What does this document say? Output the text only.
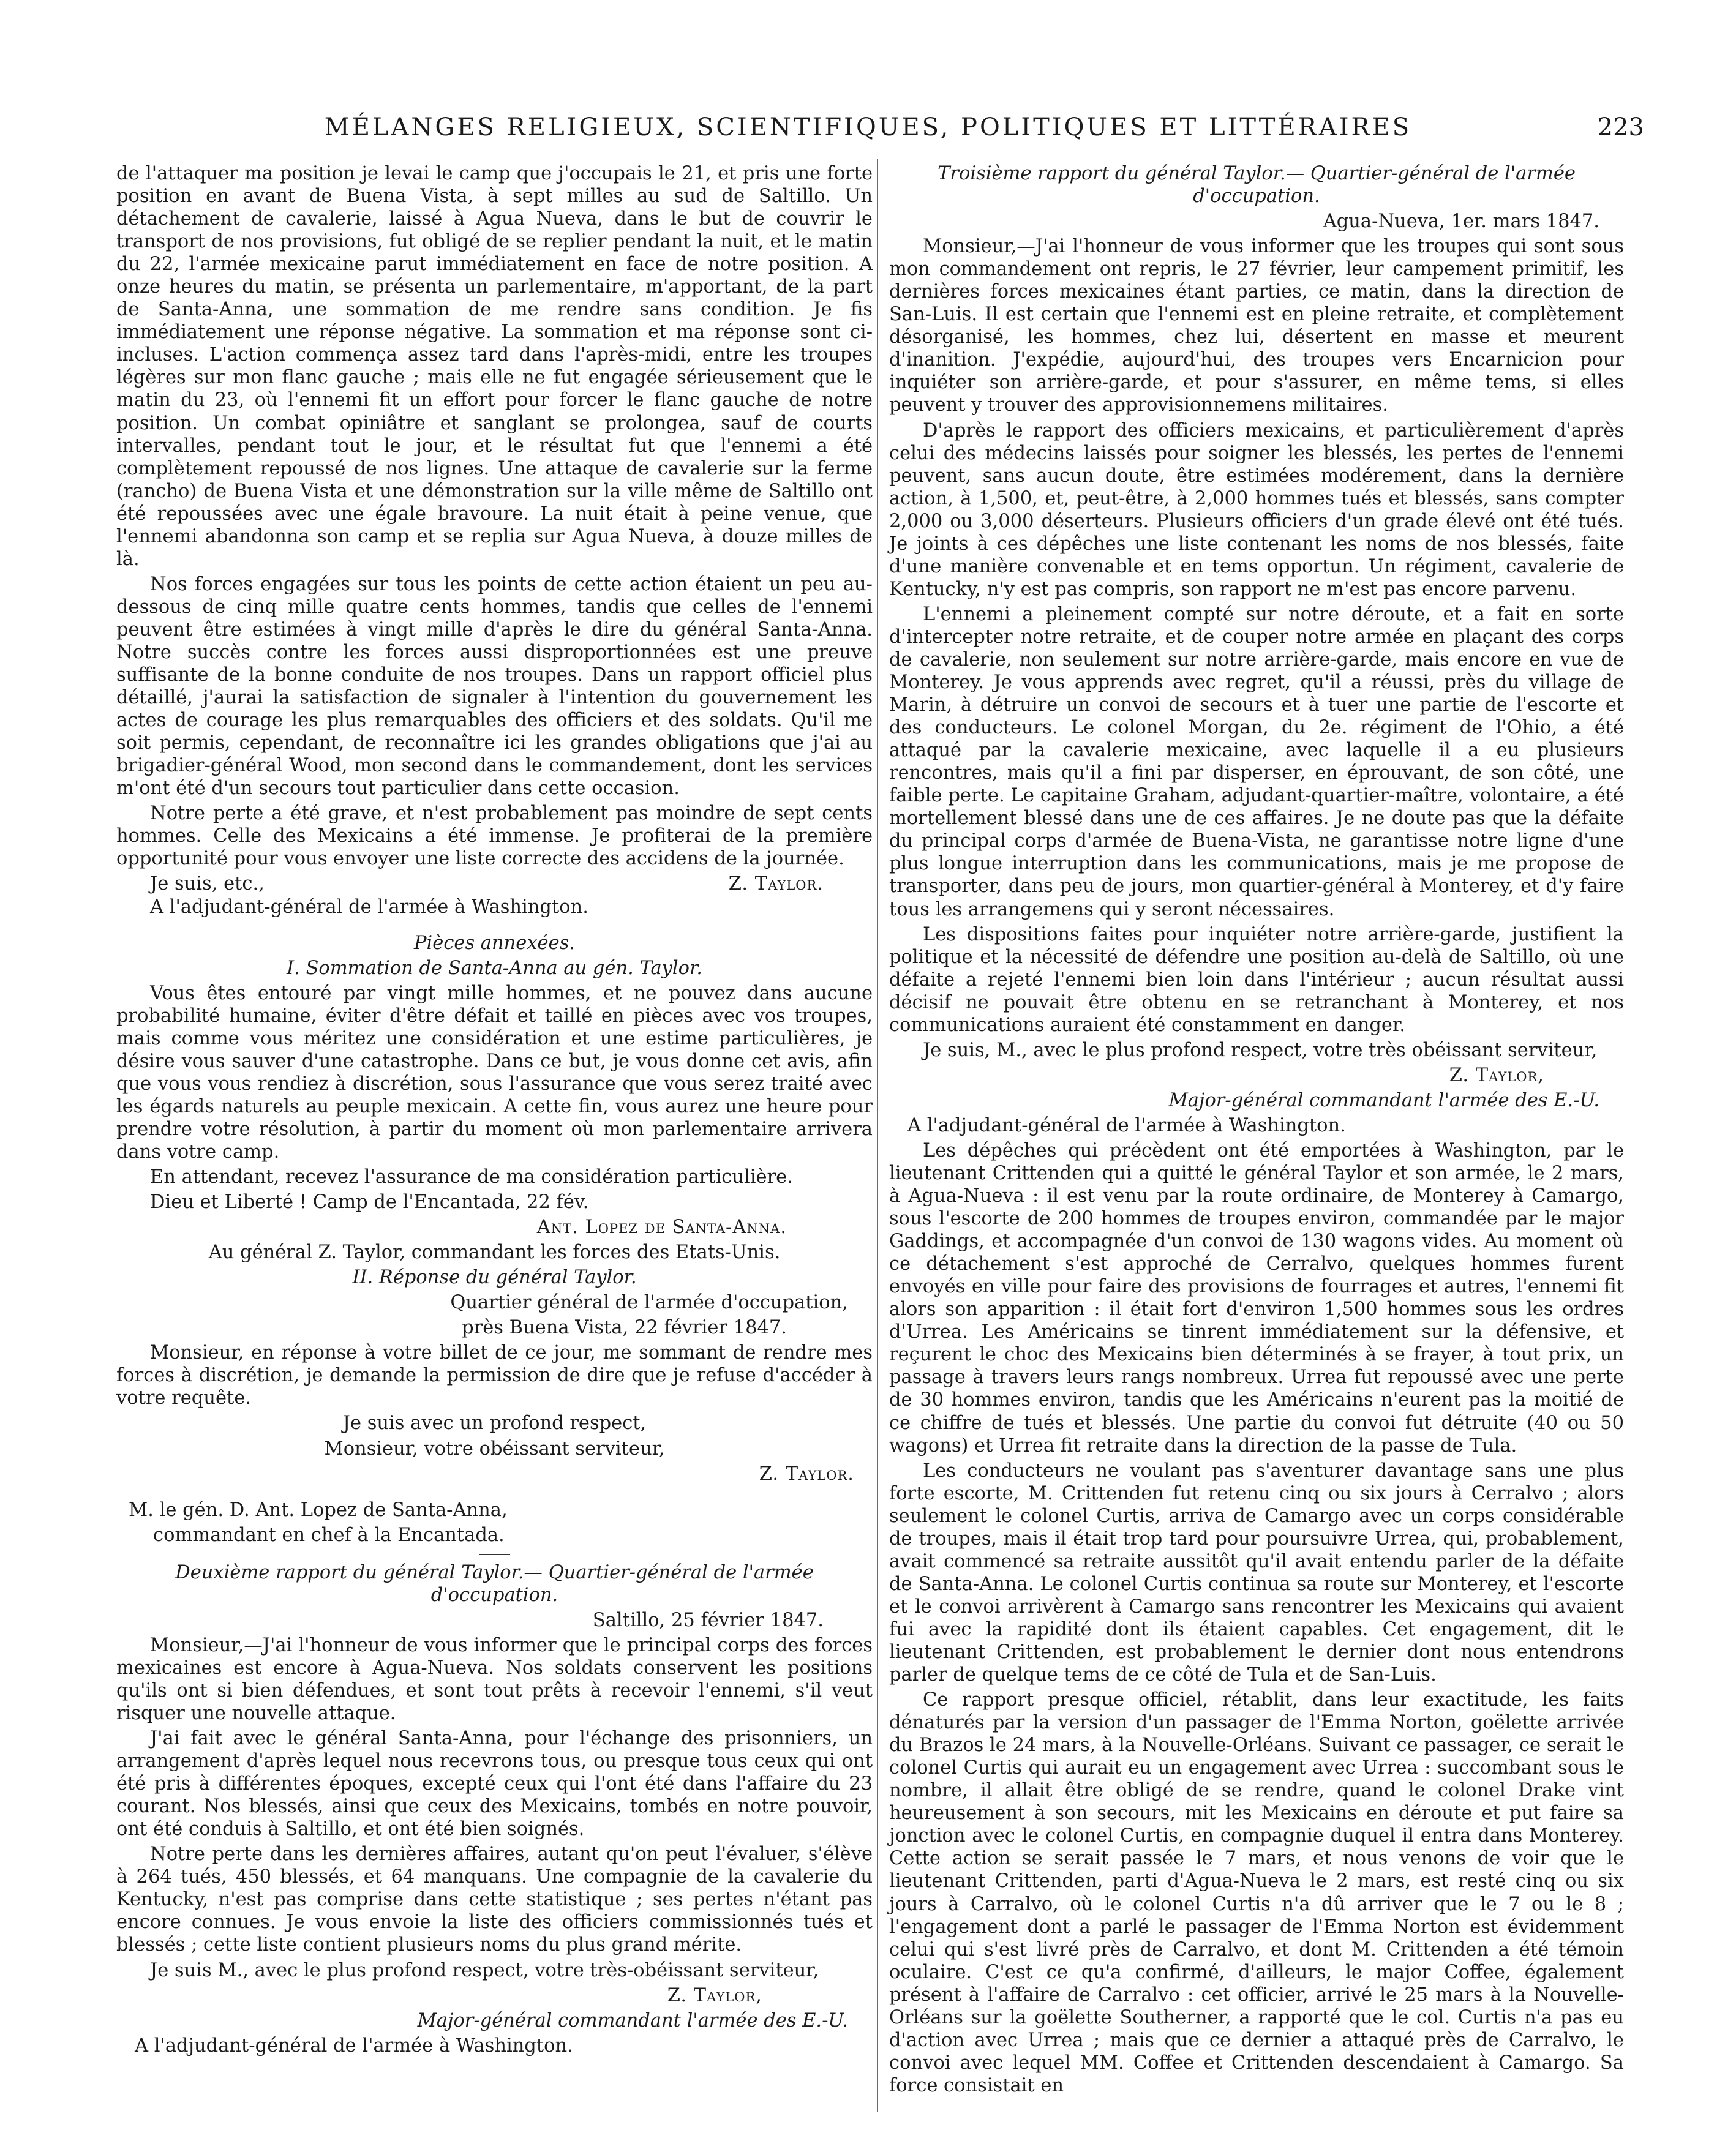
MÉLANGES RELIGIEUX, SCIENTIFIQUES, POLITIQUES ET LITTÉRAIRES	223

de l'attaquer ma position je levai le camp que j'occupais le 21, et pris une forte position en avant de Buena Vista, à sept milles au sud de Saltillo. Un détachement de cavalerie, laissé à Agua Nueva, dans le but de couvrir le transport de nos provisions, fut obligé de se replier pendant la nuit, et le matin du 22, l'armée mexicaine parut immédiatement en face de notre position. A onze heures du matin, se présenta un parlementaire, m'apportant, de la part de Santa-Anna, une sommation de me rendre sans condition. Je fis immédiatement une réponse négative. La sommation et ma réponse sont ci-incluses. L'action commença assez tard dans l'après-midi, entre les troupes légères sur mon flanc gauche ; mais elle ne fut engagée sérieusement que le matin du 23, où l'ennemi fit un effort pour forcer le flanc gauche de notre position. Un combat opiniâtre et sanglant se prolongea, sauf de courts intervalles, pendant tout le jour, et le résultat fut que l'ennemi a été complètement repoussé de nos lignes. Une attaque de cavalerie sur la ferme (rancho) de Buena Vista et une démonstration sur la ville même de Saltillo ont été repoussées avec une égale bravoure. La nuit était à peine venue, que l'ennemi abandonna son camp et se replia sur Agua Nueva, à douze milles de là.

Nos forces engagées sur tous les points de cette action étaient un peu au-dessous de cinq mille quatre cents hommes, tandis que celles de l'ennemi peuvent être estimées à vingt mille d'après le dire du général Santa-Anna. Notre succès contre les forces aussi disproportionnées est une preuve suffisante de la bonne conduite de nos troupes. Dans un rapport officiel plus détaillé, j'aurai la satisfaction de signaler à l'intention du gouvernement les actes de courage les plus remarquables des officiers et des soldats. Qu'il me soit permis, cependant, de reconnaître ici les grandes obligations que j'ai au brigadier-général Wood, mon second dans le commandement, dont les services m'ont été d'un secours tout particulier dans cette occasion.

Notre perte a été grave, et n'est probablement pas moindre de sept cents hommes. Celle des Mexicains a été immense. Je profiterai de la première opportunité pour vous envoyer une liste correcte des accidens de la journée.

Je suis, etc.,	Z. Taylor.

A l'adjudant-général de l'armée à Washington.

Pièces annexées.

I. Sommation de Santa-Anna au gén. Taylor.

Vous êtes entouré par vingt mille hommes, et ne pouvez dans aucune probabilité humaine, éviter d'être défait et taillé en pièces avec vos troupes, mais comme vous méritez une considération et une estime particulières, je désire vous sauver d'une catastrophe. Dans ce but, je vous donne cet avis, afin que vous vous rendiez à discrétion, sous l'assurance que vous serez traité avec les égards naturels au peuple mexicain. A cette fin, vous aurez une heure pour prendre votre résolution, à partir du moment où mon parlementaire arrivera dans votre camp.

En attendant, recevez l'assurance de ma considération particulière.

Dieu et Liberté ! Camp de l'Encantada, 22 fév.

Ant. Lopez de Santa-Anna.

Au général Z. Taylor, commandant les forces des Etats-Unis.

II. Réponse du général Taylor.

Quartier général de l'armée d'occupation,

près Buena Vista, 22 février 1847.

Monsieur, en réponse à votre billet de ce jour, me sommant de rendre mes forces à discrétion, je demande la permission de dire que je refuse d'accéder à votre requête.

Je suis avec un profond respect,

Monsieur, votre obéissant serviteur,

Z. Taylor.

M. le gén. D. Ant. Lopez de Santa-Anna,

commandant en chef à la Encantada.

Deuxième rapport du général Taylor.— Quartier-général de l'armée d'occupation.

Saltillo, 25 février 1847.

Monsieur,—J'ai l'honneur de vous informer que le principal corps des forces mexicaines est encore à Agua-Nueva. Nos soldats conservent les positions qu'ils ont si bien défendues, et sont tout prêts à recevoir l'ennemi, s'il veut risquer une nouvelle attaque.

J'ai fait avec le général Santa-Anna, pour l'échange des prisonniers, un arrangement d'après lequel nous recevrons tous, ou presque tous ceux qui ont été pris à différentes époques, excepté ceux qui l'ont été dans l'affaire du 23 courant. Nos blessés, ainsi que ceux des Mexicains, tombés en notre pouvoir, ont été conduis à Saltillo, et ont été bien soignés.

Notre perte dans les dernières affaires, autant qu'on peut l'évaluer, s'élève à 264 tués, 450 blessés, et 64 manquans. Une compagnie de la cavalerie du Kentucky, n'est pas comprise dans cette statistique ; ses pertes n'étant pas encore connues. Je vous envoie la liste des officiers commissionnés tués et blessés ; cette liste contient plusieurs noms du plus grand mérite.

Je suis M., avec le plus profond respect, votre très-obéissant serviteur,

Z. Taylor,

Major-général commandant l'armée des E.-U.

A l'adjudant-général de l'armée à Washington.

Troisième rapport du général Taylor.— Quartier-général de l'armée d'occupation.

Agua-Nueva, 1er. mars 1847.

Monsieur,—J'ai l'honneur de vous informer que les troupes qui sont sous mon commandement ont repris, le 27 février, leur campement primitif, les dernières forces mexicaines étant parties, ce matin, dans la direction de San-Luis. Il est certain que l'ennemi est en pleine retraite, et complètement désorganisé, les hommes, chez lui, désertent en masse et meurent d'inanition. J'expédie, aujourd'hui, des troupes vers Encarnicion pour inquiéter son arrière-garde, et pour s'assurer, en même tems, si elles peuvent y trouver des approvisionnemens militaires.

D'après le rapport des officiers mexicains, et particulièrement d'après celui des médecins laissés pour soigner les blessés, les pertes de l'ennemi peuvent, sans aucun doute, être estimées modérement, dans la dernière action, à 1,500, et, peut-être, à 2,000 hommes tués et blessés, sans compter 2,000 ou 3,000 déserteurs. Plusieurs officiers d'un grade élevé ont été tués. Je joints à ces dépêches une liste contenant les noms de nos blessés, faite d'une manière convenable et en tems opportun. Un régiment, cavalerie de Kentucky, n'y est pas compris, son rapport ne m'est pas encore parvenu.

L'ennemi a pleinement compté sur notre déroute, et a fait en sorte d'intercepter notre retraite, et de couper notre armée en plaçant des corps de cavalerie, non seulement sur notre arrière-garde, mais encore en vue de Monterey. Je vous apprends avec regret, qu'il a réussi, près du village de Marin, à détruire un convoi de secours et à tuer une partie de l'escorte et des conducteurs. Le colonel Morgan, du 2e. régiment de l'Ohio, a été attaqué par la cavalerie mexicaine, avec laquelle il a eu plusieurs rencontres, mais qu'il a fini par disperser, en éprouvant, de son côté, une faible perte. Le capitaine Graham, adjudant-quartier-maître, volontaire, a été mortellement blessé dans une de ces affaires. Je ne doute pas que la défaite du principal corps d'armée de Buena-Vista, ne garantisse notre ligne d'une plus longue interruption dans les communications, mais je me propose de transporter, dans peu de jours, mon quartier-général à Monterey, et d'y faire tous les arrangemens qui y seront nécessaires.

Les dispositions faites pour inquiéter notre arrière-garde, justifient la politique et la nécessité de défendre une position au-delà de Saltillo, où une défaite a rejeté l'ennemi bien loin dans l'intérieur ; aucun résultat aussi décisif ne pouvait être obtenu en se retranchant à Monterey, et nos communications auraient été constamment en danger.

Je suis, M., avec le plus profond respect, votre très obéissant serviteur,

Z. Taylor,

Major-général commandant l'armée des E.-U.

A l'adjudant-général de l'armée à Washington.

Les dépêches qui précèdent ont été emportées à Washington, par le lieutenant Crittenden qui a quitté le général Taylor et son armée, le 2 mars, à Agua-Nueva : il est venu par la route ordinaire, de Monterey à Camargo, sous l'escorte de 200 hommes de troupes environ, commandée par le major Gaddings, et accompagnée d'un convoi de 130 wagons vides. Au moment où ce détachement s'est approché de Cerralvo, quelques hommes furent envoyés en ville pour faire des provisions de fourrages et autres, l'ennemi fit alors son apparition : il était fort d'environ 1,500 hommes sous les ordres d'Urrea. Les Américains se tinrent immédiatement sur la défensive, et reçurent le choc des Mexicains bien déterminés à se frayer, à tout prix, un passage à travers leurs rangs nombreux. Urrea fut repoussé avec une perte de 30 hommes environ, tandis que les Américains n'eurent pas la moitié de ce chiffre de tués et blessés. Une partie du convoi fut détruite (40 ou 50 wagons) et Urrea fit retraite dans la direction de la passe de Tula.

Les conducteurs ne voulant pas s'aventurer davantage sans une plus forte escorte, M. Crittenden fut retenu cinq ou six jours à Cerralvo ; alors seulement le colonel Curtis, arriva de Camargo avec un corps considérable de troupes, mais il était trop tard pour poursuivre Urrea, qui, probablement, avait commencé sa retraite aussitôt qu'il avait entendu parler de la défaite de Santa-Anna. Le colonel Curtis continua sa route sur Monterey, et l'escorte et le convoi arrivèrent à Camargo sans rencontrer les Mexicains qui avaient fui avec la rapidité dont ils étaient capables. Cet engagement, dit le lieutenant Crittenden, est probablement le dernier dont nous entendrons parler de quelque tems de ce côté de Tula et de San-Luis.

Ce rapport presque officiel, rétablit, dans leur exactitude, les faits dénaturés par la version d'un passager de l'Emma Norton, goëlette arrivée du Brazos le 24 mars, à la Nouvelle-Orléans. Suivant ce passager, ce serait le colonel Curtis qui aurait eu un engagement avec Urrea : succombant sous le nombre, il allait être obligé de se rendre, quand le colonel Drake vint heureusement à son secours, mit les Mexicains en déroute et put faire sa jonction avec le colonel Curtis, en compagnie duquel il entra dans Monterey. Cette action se serait passée le 7 mars, et nous venons de voir que le lieutenant Crittenden, parti d'Agua-Nueva le 2 mars, est resté cinq ou six jours à Carralvo, où le colonel Curtis n'a dû arriver que le 7 ou le 8 ; l'engagement dont a parlé le passager de l'Emma Norton est évidemment celui qui s'est livré près de Carralvo, et dont M. Crittenden a été témoin oculaire. C'est ce qu'a confirmé, d'ailleurs, le major Coffee, également présent à l'affaire de Carralvo : cet officier, arrivé le 25 mars à la Nouvelle-Orléans sur la goëlette Southerner, a rapporté que le col. Curtis n'a pas eu d'action avec Urrea ; mais que ce dernier a attaqué près de Carralvo, le convoi avec lequel MM. Coffee et Crittenden descendaient à Camargo. Sa force consistait en
